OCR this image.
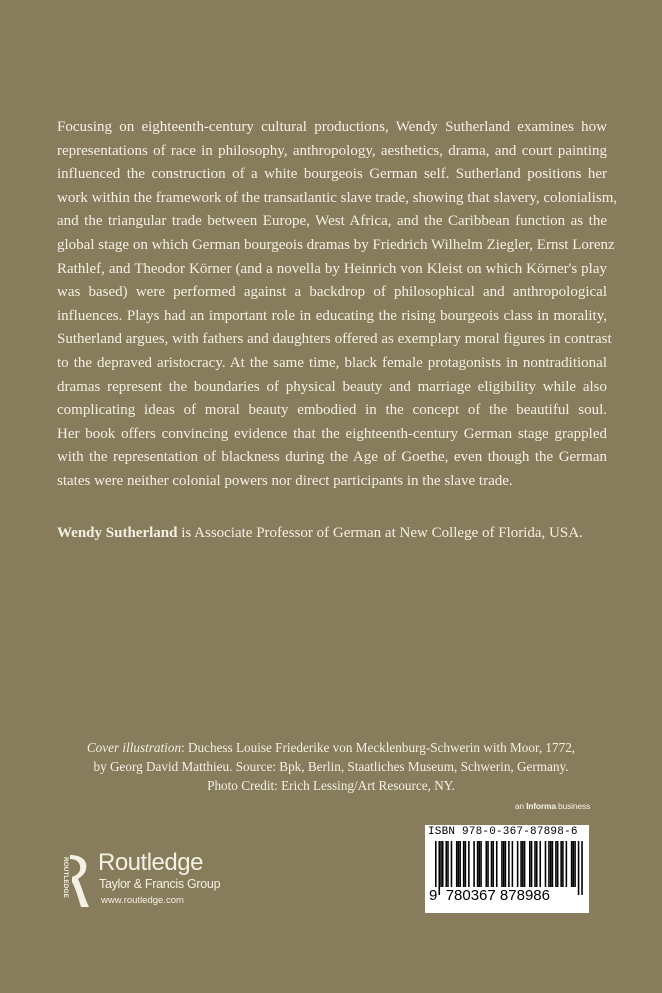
Focusing on eighteenth-century cultural productions, Wendy Sutherland examines how
representations of race in philosophy, anthropology, aesthetics, drama, and court painting
influenced the construction of a white bourgeois German self. Sutherland positions her
work within the framework of the transatlantic slave trade, showing that slavery, colonialism,
and the triangular trade between Europe, West Africa, and the Caribbean function as the
global stage on which German bourgeois dramas by Friedrich Wilhelm Ziegler, Ernst Lorenz
Rathlef, and Theodor Körner (and a novella by Heinrich von Kleist on which Körner's play
was based) were performed against a backdrop of philosophical and anthropological
influences. Plays had an important role in educating the rising bourgeois class in morality,
Sutherland argues, with fathers and daughters offered as exemplary moral figures in contrast
to the depraved aristocracy. At the same time, black female protagonists in nontraditional
dramas represent the boundaries of physical beauty and marriage eligibility while also
complicating ideas of moral beauty embodied in the concept of the beautiful soul.
Her book offers convincing evidence that the eighteenth-century German stage grappled
with the representation of blackness during the Age of Goethe, even though the German
states were neither colonial powers nor direct participants in the slave trade.
Wendy Sutherland is Associate Professor of German at New College of Florida, USA.
Cover illustration: Duchess Louise Friederike von Mecklenburg-Schwerin with Moor, 1772,
by Georg David Matthieu. Source: Bpk, Berlin, Staatliches Museum, Schwerin, Germany.
Photo Credit: Erich Lessing/Art Resource, NY.
an Informa business
ISBN 978-0-367-87898-6
9 780367 878986
ROUTLEDGE Routledge
Taylor & Francis Group
www.routledge.com
